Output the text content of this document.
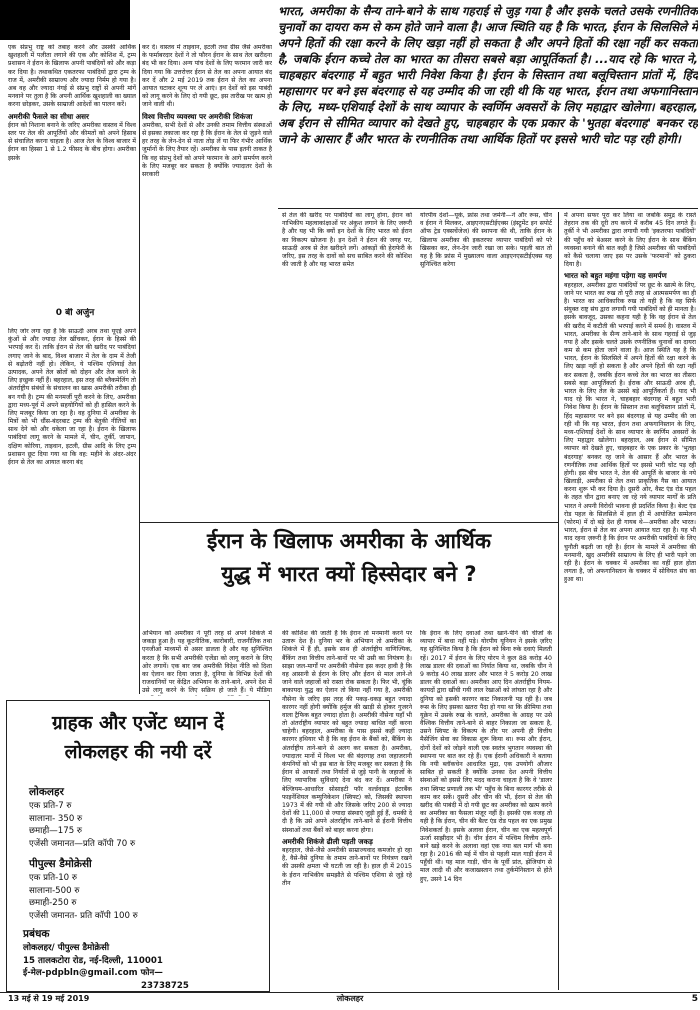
भारत, अमरीका के सैन्य ताने-बाने के साथ गहराई से जुड़ गया है और इसके चलते उसके रणनीतिक चुनावों का दायरा कम से कम होते जाने वाला है। आज स्थिति यह है कि भारत, ईरान के सिलसिले में अपने हितों की रक्षा करने के लिए खड़ा नहीं हो सकता है और अपने हितों की रक्षा नहीं कर सकता है, जबकि ईरान कच्चे तेल का भारत का तीसरा सबसे बड़ा आपूर्तिकर्ता है। ...याद रहे कि भारत ने, चाहबहार बंदरगाह में बहुत भारी निवेश किया है। ईरान के सिस्तान तथा बलूचिस्तान प्रांतों में, हिंद महासागर पर बने इस बंदरगाह से यह उम्मीद की जा रही थी कि यह भारत, ईरान तथा अफगानिस्तान के लिए, मध्य-एशियाई देशों के साथ व्यापार के स्वर्णिम अवसरों के लिए महाद्वार खोलेगा। बहरहाल, अब ईरान से सीमित व्यापार को देखते हुए, चाहबहार के एक प्रकार के 'भुतहा बंदरगाह' बनकर रह जाने के आसार हैं और भारत के रणनीतिक तथा आर्थिक हितों पर इससे भारी चोट पड़ रही होगी।

एक संप्रभु राष्ट्र को तबाह करने और उसकी आर्थिक खुशहाली में पलीता लगाने की एक और कोशिश में, ट्रम्प प्रशासन ने ईरान के खिलाफ अपनी पाबंदियों को और कड़ा कर दिया है। तथाकथित एकतरफा पाबंदियों द्वारा ट्रम्प के राज में, अमरीकी साम्राज्य और ज्यादा निर्मम हो गया है। अब वह और ज्यादा नंगई से संप्रभु राष्ट्रों से अपनी मांगें मनवाने पर तुला है कि अपनी आर्थिक खुशहाली का ख्याल करना छोड़कर, उसके साम्राजी आदेशों का पालन करें।

अमरीकी फैसले का सीधा असर

ईरान को निशाना बनाने के जरिए अमरीका वास्तव में विश्व स्तर पर तेल की आपूर्तियों और कीमतों को अपने हिसाब से संचालित करना चाहता है। आज तेल के विश्व बाजार में ईरान का हिस्सा 1 से 1.2 फीसद के बीच होगा। अमरीका इसके

0 बी अर्जुन

कर दें। वास्तव में ताइवान, इटली तथा ग्रीस जैसे अमरीका के फर्माबरदार देशों ने तो फौरन ईरान के साथ तेल खरीदना बंद भी कर दिया। अन्य पांच देशों के लिए फरमान जारी कर दिया गया कि उत्तरोत्तर ईरान से तेल का अपना आयात बंद कर दें और 2 मई 2019 तक ईरान से तेल का अपना आयात घटाकर शून्य पर ले आएं। इन देशों को इस पाबंदी को लागू करने के लिए दो गयी छूट, इस तारीख पर खत्म हो जाने वाली थी।

विश्व वित्तीय व्यवस्था पर अमरीकी शिकंजा

अमरीका, सभी देशों से और उनकी तमाम वित्तीय संस्थाओं से इसका तकाजा कर रहा है कि ईरान के तेल से जुड़ने वाले हर तरह के लेन-देन से नाता तोड़ लें या फिर गंभीर आर्थिक जुर्मानों के लिए तैयार रहें। अमरीका के पास इतनी ताकत है कि वह संप्रभु देशों को अपने फरमान के आगे समर्पण करने के लिए मजबूर कर सकता है क्योंकि ज्यादातर देशों के सरकारी

से तेल की खरीद पर पाबंदियों का लागू होना, ईरान को नाभिकीय महत्वाकांक्षाओं पर अंकुश लगाने के लिए जरूरी है और यह भी कि क्यों इन देशों के लिए भारत को ईरान का विकल्प खोजना है। इन देशों ने ईरान की जगह पर, साऊदी अरब से तेल खरीदने लगें। आंकड़ों की हेराफेरी के जरिए, इस तरह के दावों को सच साबित करने की कोशिश की जाती है और यह भारत समेत

योरपीय देशों—यूके, फ्रांस तथा जर्मनी—ने और रूस, चीन व ईरान ने मिलकर, आइएनएसटीईएक्स (इंस्ट्रूमेंट इन सपोर्ट ऑफ ट्रेड एक्सचेंजेज) की स्थापना की थी, ताकि ईरान के खिलाफ अमरीका की इकतरफा व्यापार पाबंदियों को परे खिसका कर, लेन-देन जारी रखा जा सके। पहली बात तो यह है कि फ्रांस में मुख्यालय वाला आइएनएसटीईएक्स यह सुनिश्चित करेगा

में अपना सफर पूरा कर लिया था जबकि समुद्र के रास्ते तेहरान तक की दूरी तय करने में करीब 45 दिन लगते हैं। तुर्की ने भी अमरीका द्वारा लगायी गयी 'इकतरफा पाबंदियों' की पहुँच को बेअसर करने के लिए ईरान के साथ बैंकिंग व्यवस्था बनाने की बात कही है जिसे अमरीका की पाबंदियों को कैसे चलाया जाए इस पर उसके 'फरमानों' को ठुकरा दिया है।

भारत को बहुत महंगा पड़ेगा यह समर्पण

बहरहाल, अमरीका द्वारा पाबंदियों पर छूट के खात्मे के लिए, जाने पर भारत का रुख तो पूरी तरह से आत्मसमर्पण का ही है। भारत का आधिकारिक रुख तो यही है कि वह सिर्फ संयुक्त राष्ट्र संघ द्वारा लगायी गयी पाबंदियों को ही मानता है। इसके बावजूद, उसका कहना यही है कि वह ईरान से तेल की खरीद में कटौती की भरपाई करने में समर्थ है। वास्तव में भारत, अमरीका के सैन्य ताने-बाने के साथ गहराई से जुड़ गया है और इसके चलते उसके रणनीतिक चुनावों का दायरा कम से कम होता जाने वाला है। आज स्थिति यह है कि भारत, ईरान के सिलसिले में अपने हितों की रक्षा करने के लिए खड़ा नहीं हो सकता है और अपने हितों की रक्षा नहीं कर सकता है, जबकि ईरान कच्चे तेल का भारत का तीसरा सबसे बड़ा आपूर्तिकर्ता है। ईराक और साऊदी अरब ही, भारत के लिए तेल के उससे बड़े आपूर्तिकर्ता हैं। याद भी याद रहे कि भारत ने, चाहबहार बंदरगाह में बहुत भारी निवेश किया है। ईरान के सिस्तान तथा बलूचिस्तान प्रांतों में, हिंद महासागर पर बने इस बंदरगाह से यह उम्मीद की जा रही थी कि यह भारत, ईरान तथा अफगानिस्तान के लिए, मध्य-एशियाई देशों के साथ व्यापार के स्वर्णिम अवसरों के लिए महाद्वार खोलेगा। बहरहाल, अब ईरान से सीमित व्यापार को देखते हुए, चाहबहार के एक प्रकार के 'भुतहा बंदरगाह' बनकर रह जाने के आसार हैं और भारत के रणनीतिक तथा आर्थिक हितों पर इससे भारी चोट पड़ रही होगी। इस बीच भारत ने, तेल की आपूर्ति के बाजार के नये खिलाड़ी, अमरीका से तेल तथा प्राकृतिक गैस का आयात करना शुरू भी कर दिया है। दूसरी ओर, वैस्ट एंड रोड पहल के तहत चीन द्वारा बनाए जा रहे नये व्यापार मार्गों के प्रति भारत ने अपनी विरोधी भावना ही प्रदर्शित किया है। बेल्ट एंड रोड पहल के सिलसिले में हाल ही में आयोजित सम्मेलन (फोरम) में दो बड़े देश ही गायब थे—अमरीका और भारत। भारत, ईरान से तेल का अपना आयात घटा रहा है। यह भी याद रहना ज़रूरी है कि ईरान पर अमरीकी पाबंदियों के लिए चुनौती बढ़ती जा रही है। ईरान के मामले में अमरीका की मनमानी, खुद अमरीकी साम्राज्य के लिए ही भारी पड़ने जा रही है। ईरान के चक्कर में अमरीका का वहीं हाल होता लगता है, जो अफगानिस्तान के चक्कर में सोवियत संघ का हुआ था।

ईरान के खिलाफ अमरीका के आर्थिक
युद्ध में भारत क्यों हिस्सेदार बने ?

लिए जोर लगा रहा है कि साऊदी अरब तथा यूएई अपने कुंओं से और ज्यादा तेल खींचकर, ईरान के हिस्से की भरपाई कर दें। ताकि ईरान से तेल की खरीद पर पाबंदियां लगाए जाने के बाद, विश्व बाजार में तेल के दाम में तेजी से बढ़ोतरी नहीं हो। लेकिन, ये पश्चिम एशियाई तेल उत्पादक, अपने तेल स्रोतों को दोहन और तेज करने के लिए इच्छुक नहीं हैं। बहरहाल, इस तरह की ब्लैकमेलिंग तो अंतर्राष्ट्रीय संबंधों के संचालन का खास अमरीकी तरीका ही बन गयी है। ट्रम्प की मनमर्जी पूरी करने के लिए, अमरीका द्वारा मध्य-पूर्व में अपने सहयोगियों को ही हासिल करने के लिए मजबूर किया जा रहा है। वह दुनिया में अमरीका के मित्रों को भी धौंस-बंदरबाट ट्रम्प की बेतुकी नीतियों का साथ देने को और धकेला जा रहा है। ईरान के खिलाफ पाबंदियां लागू करने के मामले में, चीन, तुर्की, जापान, दक्षिण कोरिया, ताइवान, इटली, ग्रीस आदि के लिए ट्रम्प प्रशासन छूट दिया गया था कि वह: महीने के अंदर-अंदर ईरान से तेल का आयात करना बंद

अभियान को अमरीका ने पूरी तरह से अपने शिकंजे में जकड़ा हुआ है। यह कूटनीतिक, कारोबारी, राजनीतिक तथा एनजीओ माध्यमों से असर डालता है और यह सुनिश्चित करता है कि सभी अमरीकी एजेंडा को लागू कराने के लिए ओर लगायें। एक बार जब अमरीकी विदेश नीति को दिशा का ऐलान कर दिया जाता है, दुनिया के विभिन्न देशों की राजधानियों पर केंद्रित अभियान के ताने-बाने, अपने देश में उसे लागू करने के लिए सक्रिय हो जाते हैं। ये मीडिया

की कोशिश की जाती है कि ईरान तो मनमानी करने पर उतारू देश है। दुनिया भर के अभियान तो अमरीका के शिकंजे में हैं ही, इसके साथ ही अंतर्राष्ट्रीय वाणिज्यिक, बैंकिंग तथा वित्तीय ताने-बानों पर भी उसी का नियंत्रण है। साझा जल-मार्गों पर अमरीकी नौसेना इस कदर हावी है कि वह आसानी से ईरान के लिए और ईरान से माल लाने-ले जाने वाले जहाजों को रास्ता रोक सकता है। फिर भी, चूंकि बाकायदा युद्ध का ऐलान तो किया नहीं गया है, अमरीकी नौसेना के जरिए इस तरह की पकड़-धकड़ बहुत ज्यादा कारगर नहीं होगी क्योंकि हर्मुज की खाड़ी से होकर गुजरने वाला ट्रैफिक बहुत ज्यादा होता है। अमरीकी नौसेना यहाँ भी तो अंतर्राष्ट्रीय व्यापार को बहुत ज्यादा बाधित नहीं करना चाहेगी। बहरहाल, अमरीका के पास इससे कहीं ज्यादा कारगर हथियार भी है कि वह ईरान के बैंकों को, बैंकिंग के अंतर्राष्ट्रीय ताने-बाने से अलग कर सकता है। अमरीका, ज्यादातर मानों में विश्व भर की बंदरगाह तथा जहाजरानी कंपनियों को भी इस बात के लिए मजबूर कर सकता है कि ईरान से आयातों तथा निर्यातों से जुड़े पानी के जहाजों के लिए व्यापारिक सुविधाएं देना बंद कर दें। अमरीका ने बेल्जियम-आधारित सोसाइटी फॉर वर्ल्डवाइड इंटरबैंक फाइनेंशियल कम्युनिकेशन (स्विफ्ट) को, जिसकी स्थापना 1973 में की गयी थी और जिसके जरिए 200 से ज्यादा देशों की 11,000 से ज्यादा संस्थाएं जुड़ी हुई हैं, धमकी दे दी है कि उसे अपने अंतर्राष्ट्रीय ताने-बाने से ईरानी वित्तीय संस्थाओं तथा बैंकों को बाहर करना होगा।

अमरीकी शिकंजे ढीली पड़ती जकड़

बहरहाल, जैसे-जैसे अमरीकी साम्राज्यवाद कमजोर हो रहा है, वैसे-वैसे दुनिया के तमाम ताने-बानों पर नियंत्रण रखने की उसकी क्षमता भी घटती जा रही है। हाल ही में 2015 के ईरान नाभिकीय समझौते से पश्चिम एशिया से जुड़े रहे तीन

कि ईरान के लिए दवाओं तथा खाने-पीने की चीजों के व्यापार में बाधा नहीं पड़े। योरपीय यूनियन ने इसके ज़रिए यह सुनिश्चित किया है कि ईरान को बिना रुके दवाएं मिलती रहें। 2017 में ईरान के लिए योरप ने कुल 88 करोड़ 40 लाख डालर की दवाओं का निर्यात किया था, जबकि चीन ने 9 करोड़ 40 लाख डालर और भारत ने 5 करोड़ 20 लाख डालर की दवाओं का। अमरीका आए दिन अंतर्राष्ट्रीय नियम-कायदों द्वारा खींची गयी लाल रेखाओं को लांघता रहा है और दुनिया को इसकी कारगर काट निकालनी पड़ रही है। जब रूस के लिए इसका खतरा पैदा हो गया था कि क्रीमिया तथा यूक्रेन में उसके रुख के चलते, अमरीका के आग्रह पर उसे वैश्विक वित्तीय ताने-बाने से बाहर निकाला जा सकता है, उसने स्विफ्ट के विकल्प के तौर पर अपनी ही वित्तीय मैसेजिंग सेवा का विकास शुरू किया था। रूस और ईरान, दोनों देशों को जोड़ने वाली एक स्वतंत्र भुगतान व्यवस्था की स्थापना पर बात कर रहे हैं। एक ईरानी अधिकारी ने बताया कि नयी ब्लॉकचेन आधारित मुद्रा, एक उपयोगी औजार साबित हो सकती है क्योंकि उनका देश अपनी वित्तीय संस्थाओं को इससे लिए मदद कराना चाहता है कि वे 'डालर तथा स्विफ्ट प्रणाली तक भी' पहुँच के बिना कारगर तरीके से काम कर सकें। दूसरी और चीन की भी, ईरान से तेल की खरीद की पाबंदी में दो गयी छूट का अमरीका को खत्म करने का अमरीका का फैसला मंजूर नहीं है। इसकी एक वजह तो यही है कि ईरान, चीन की बैल्ट एंड रोड पहल का एक प्रमुख निवेशकर्ता है। इसके अलावा ईरान, चीन का एक महत्वपूर्ण ऊर्जा साझीदार भी है। चीन ईरान में पश्चिम वित्तीय ताने-बाने खड़े करने के अलावा वहां एक नया बल मार्ग भी बना रहा है। 2016 की मई में चीन से पहली माल गाड़ी ईरान में पहुँची थी। यह माल गाड़ी, चीन के पूर्वी प्रांत, झेजियांग से माल लादी थी और कजाखस्तान तथा तुर्कमेनिस्तान से होते हुए, उसने 14 दिन

ग्राहक और एजेंट ध्यान दें
लोकलहर की नयी दरें
लोकलहर
एक प्रति-7 रु
सालाना- 350 रु
छमाही—175 रु
एजेंसी जमानत—प्रति कॉपी 70 रु
पीपुल्स डैमोक्रेसी
एक प्रति-10 रु
सालाना-500 रु
छमाही-250 रु
एजेंसी जमानत- प्रति कॉपी 100 रु
प्रबंधक
लोकलहर/ पीपुल्स डैमोक्रेसी
15 तालकटोरा रोड, नई-दिल्ली, 110001
ई-मेल-pdpbln@gmail.com फोन—
23738725
13 मई से 19 मई 2019	लोकलहर	5
